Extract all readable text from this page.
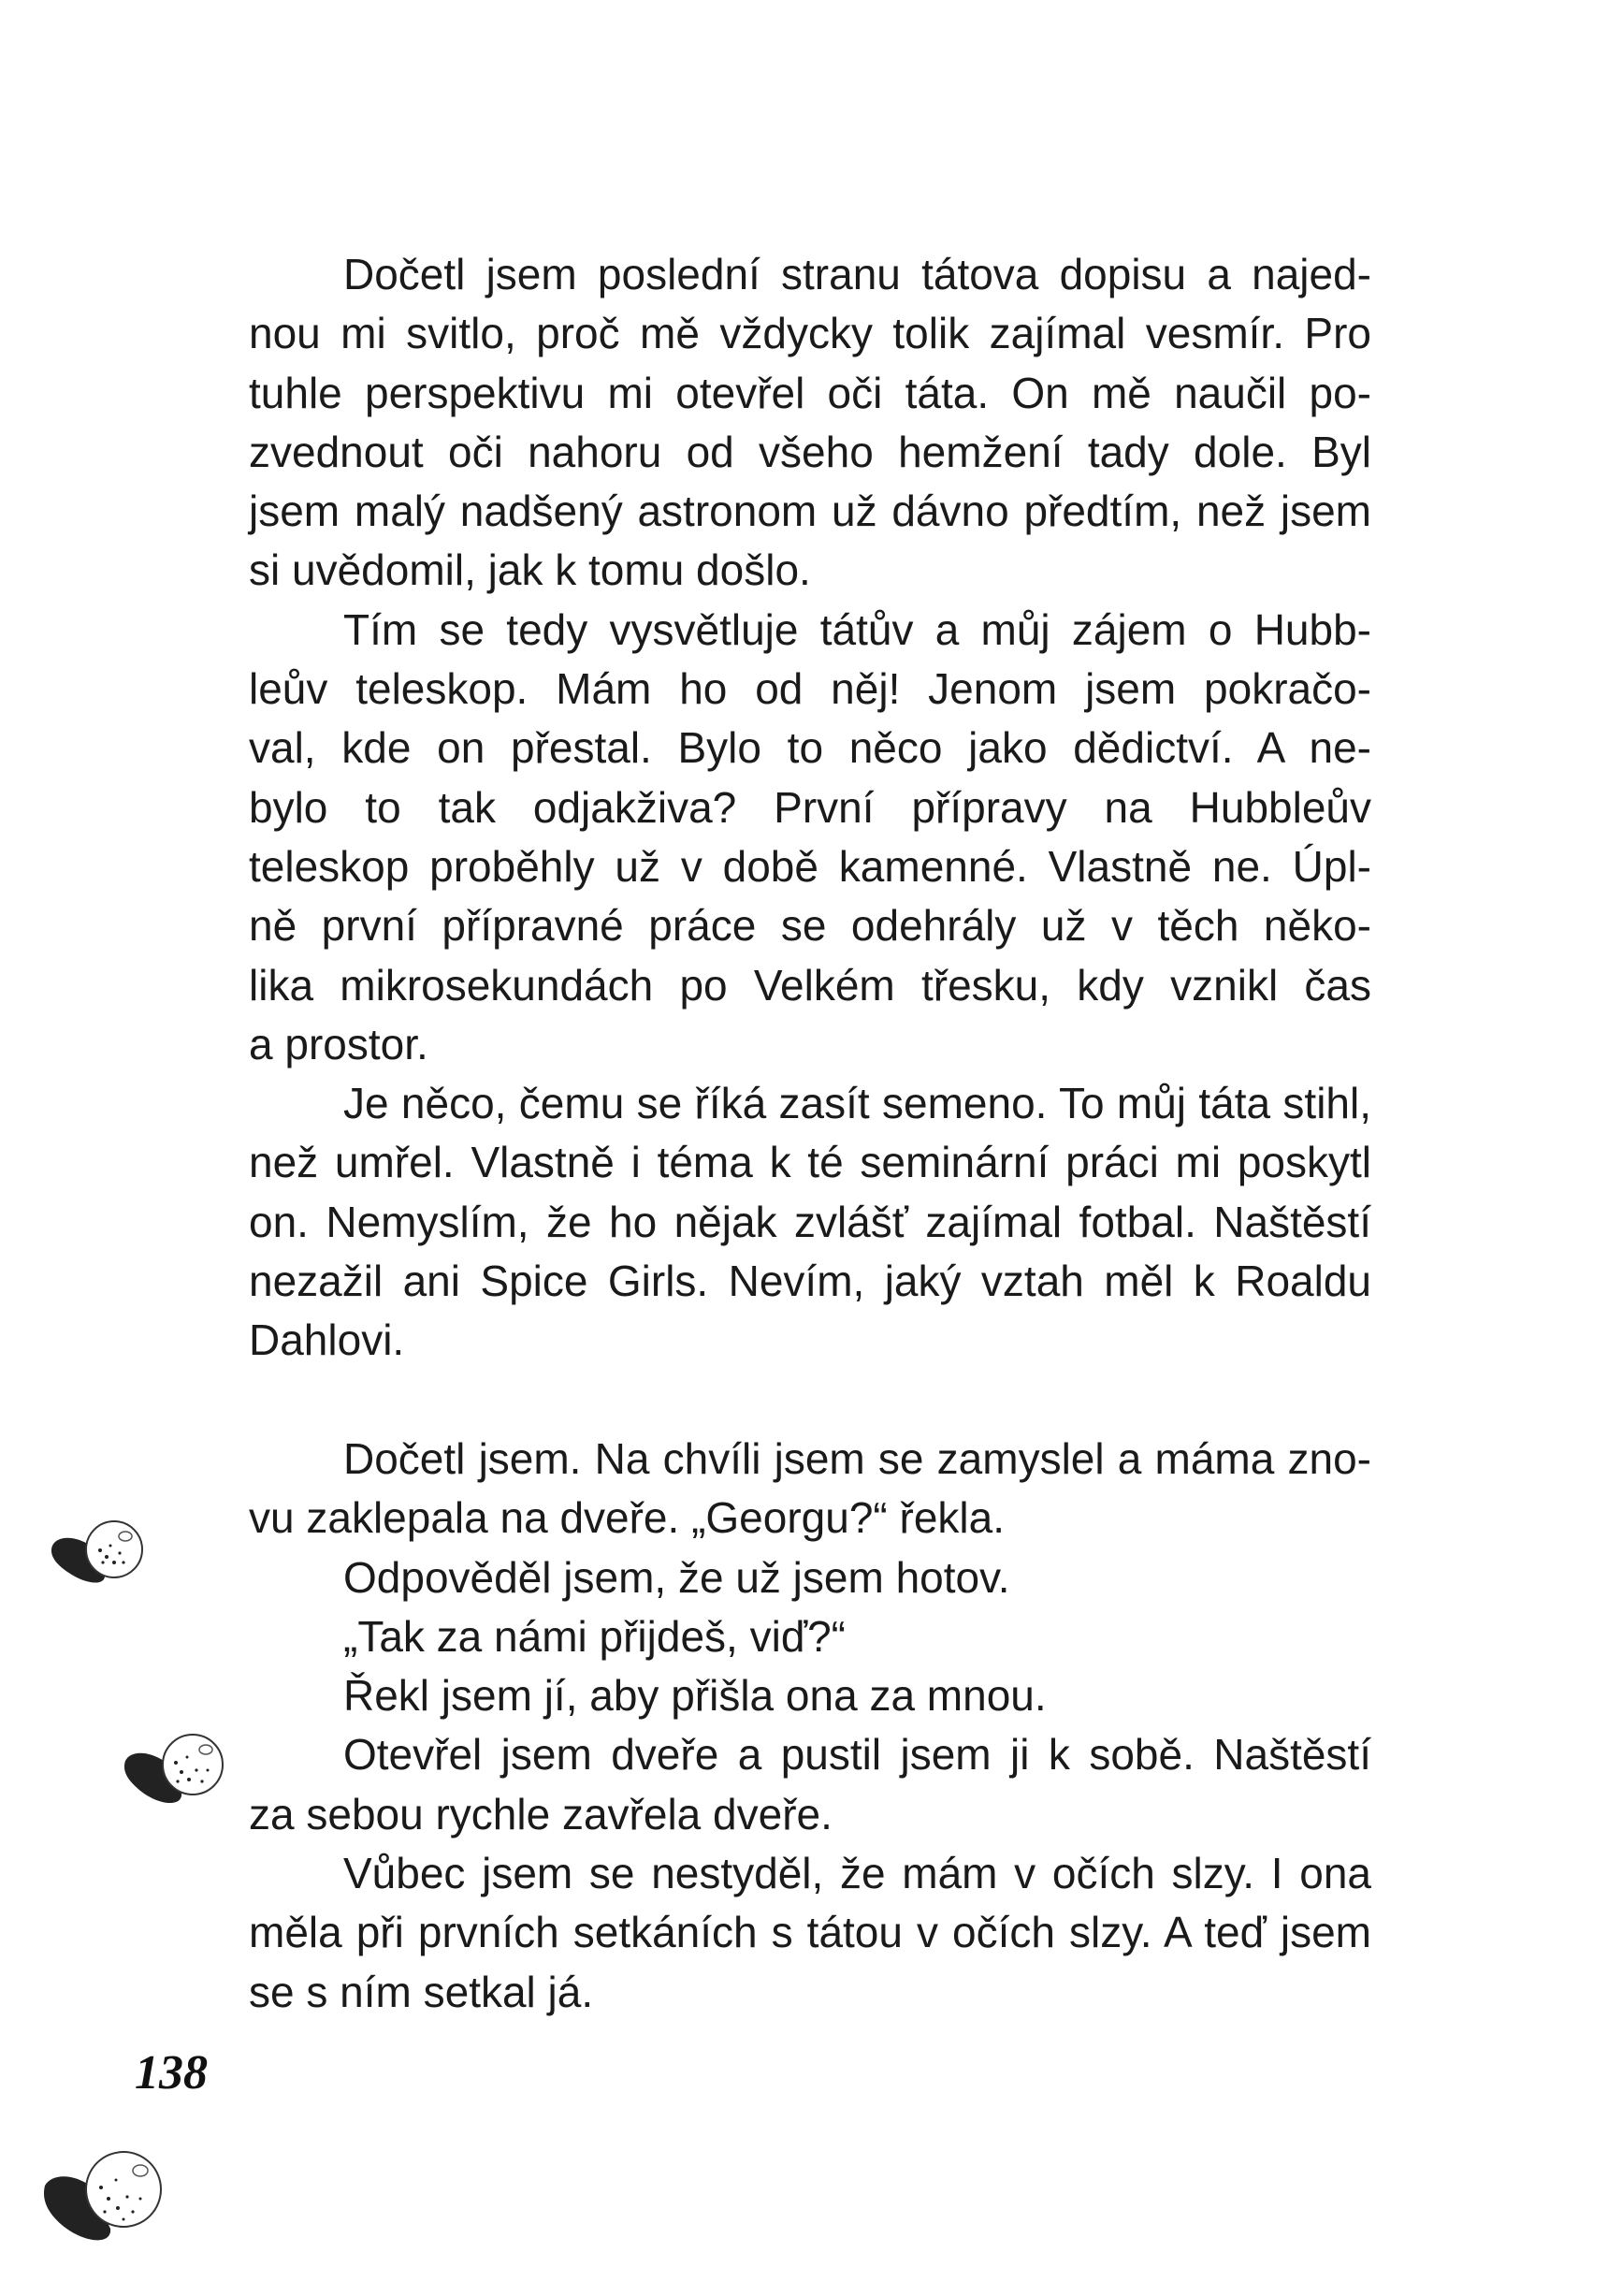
Dočetl jsem poslední stranu tátova dopisu a najed-
nou mi svitlo, proč mě vždycky tolik zajímal vesmír. Pro
tuhle perspektivu mi otevřel oči táta. On mě naučil po-
zvednout oči nahoru od všeho hemžení tady dole. Byl
jsem malý nadšený astronom už dávno předtím, než jsem
si uvědomil, jak k tomu došlo.
Tím se tedy vysvětluje tátův a můj zájem o Hubb-
leův teleskop. Mám ho od něj! Jenom jsem pokračo-
val, kde on přestal. Bylo to něco jako dědictví. A ne-
bylo to tak odjakživa? První přípravy na Hubbleův
teleskop proběhly už v době kamenné. Vlastně ne. Úpl-
ně první přípravné práce se odehrály už v těch něko-
lika mikrosekundách po Velkém třesku, kdy vznikl čas
a prostor.
Je něco, čemu se říká zasít semeno. To můj táta stihl,
než umřel. Vlastně i téma k té seminární práci mi poskytl
on. Nemyslím, že ho nějak zvlášť zajímal fotbal. Naštěstí
nezažil ani Spice Girls. Nevím, jaký vztah měl k Roaldu
Dahlovi.
Dočetl jsem. Na chvíli jsem se zamyslel a máma zno-
vu zaklepala na dveře. „Georgu?“ řekla.
Odpověděl jsem, že už jsem hotov.
„Tak za námi přijdeš, viď?“
Řekl jsem jí, aby přišla ona za mnou.
Otevřel jsem dveře a pustil jsem ji k sobě. Naštěstí
za sebou rychle zavřela dveře.
Vůbec jsem se nestyděl, že mám v očích slzy. I ona
měla při prvních setkáních s tátou v očích slzy. A teď jsem
se s ním setkal já.
138
